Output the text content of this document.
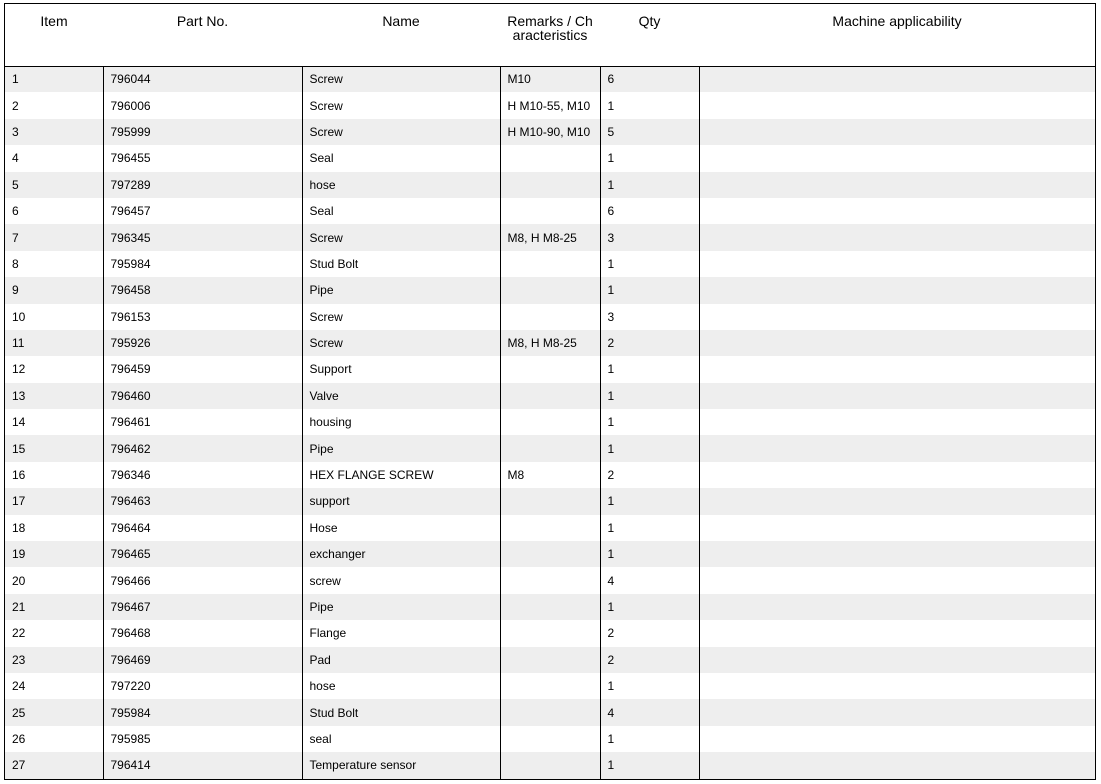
Item	Part No.	Name	Remarks / Characteristics	Qty	Machine applicability
1	796044	Screw	M10	6	
2	796006	Screw	H M10-55, M10	1	
3	795999	Screw	H M10-90, M10	5	
4	796455	Seal		1	
5	797289	hose		1	
6	796457	Seal		6	
7	796345	Screw	M8, H M8-25	3	
8	795984	Stud Bolt		1	
9	796458	Pipe		1	
10	796153	Screw		3	
11	795926	Screw	M8, H M8-25	2	
12	796459	Support		1	
13	796460	Valve		1	
14	796461	housing		1	
15	796462	Pipe		1	
16	796346	HEX FLANGE SCREW	M8	2	
17	796463	support		1	
18	796464	Hose		1	
19	796465	exchanger		1	
20	796466	screw		4	
21	796467	Pipe		1	
22	796468	Flange		2	
23	796469	Pad		2	
24	797220	hose		1	
25	795984	Stud Bolt		4	
26	795985	seal		1	
27	796414	Temperature sensor		1	
